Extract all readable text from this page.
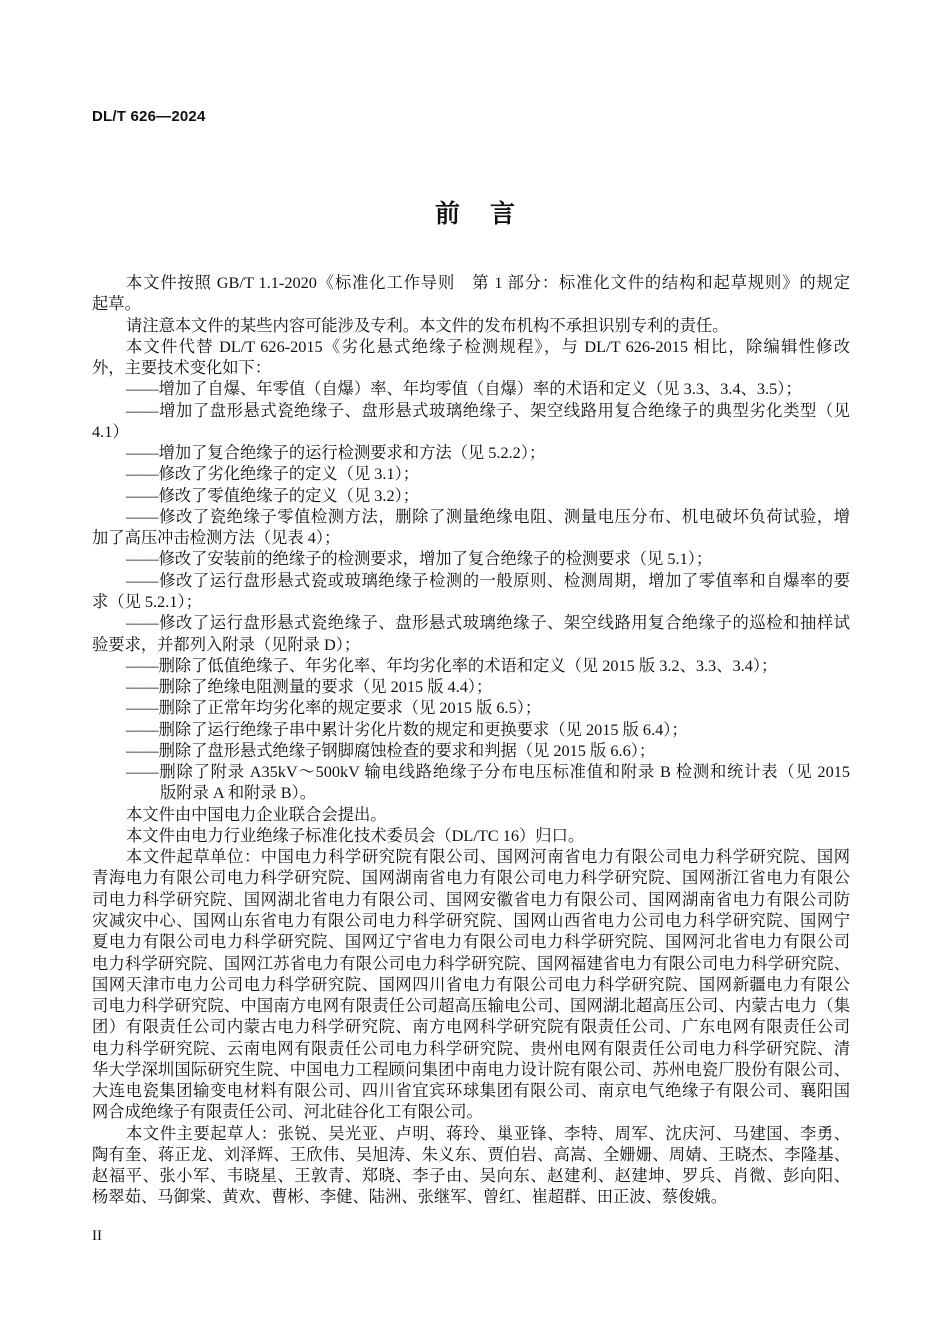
DL/T 626—2024
前言
本文件按照 GB/T 1.1-2020《标准化工作导则　第 1 部分：标准化文件的结构和起草规则》的规定
起草。
请注意本文件的某些内容可能涉及专利。本文件的发布机构不承担识别专利的责任。
本文件代替 DL/T 626-2015《劣化悬式绝缘子检测规程》，与 DL/T 626-2015 相比，除编辑性修改
外，主要技术变化如下：
——增加了自爆、年零值（自爆）率、年均零值（自爆）率的术语和定义（见 3.3、3.4、3.5）；
——增加了盘形悬式瓷绝缘子、盘形悬式玻璃绝缘子、架空线路用复合绝缘子的典型劣化类型（见
4.1）
——增加了复合绝缘子的运行检测要求和方法（见 5.2.2）；
——修改了劣化绝缘子的定义（见 3.1）；
——修改了零值绝缘子的定义（见 3.2）；
——修改了瓷绝缘子零值检测方法，删除了测量绝缘电阻、测量电压分布、机电破坏负荷试验，增
加了高压冲击检测方法（见表 4）；
——修改了安装前的绝缘子的检测要求，增加了复合绝缘子的检测要求（见 5.1）；
——修改了运行盘形悬式瓷或玻璃绝缘子检测的一般原则、检测周期，增加了零值率和自爆率的要
求（见 5.2.1）；
——修改了运行盘形悬式瓷绝缘子、盘形悬式玻璃绝缘子、架空线路用复合绝缘子的巡检和抽样试
验要求，并都列入附录（见附录 D）；
——删除了低值绝缘子、年劣化率、年均劣化率的术语和定义（见 2015 版 3.2、3.3、3.4）；
——删除了绝缘电阻测量的要求（见 2015 版 4.4）；
——删除了正常年均劣化率的规定要求（见 2015 版 6.5）；
——删除了运行绝缘子串中累计劣化片数的规定和更换要求（见 2015 版 6.4）；
——删除了盘形悬式绝缘子钢脚腐蚀检查的要求和判据（见 2015 版 6.6）；
——删除了附录 A35kV～500kV 输电线路绝缘子分布电压标准值和附录 B 检测和统计表（见 2015
版附录 A 和附录 B）。
本文件由中国电力企业联合会提出。
本文件由电力行业绝缘子标准化技术委员会（DL/TC 16）归口。
本文件起草单位：中国电力科学研究院有限公司、国网河南省电力有限公司电力科学研究院、国网
青海电力有限公司电力科学研究院、国网湖南省电力有限公司电力科学研究院、国网浙江省电力有限公
司电力科学研究院、国网湖北省电力有限公司、国网安徽省电力有限公司、国网湖南省电力有限公司防
灾减灾中心、国网山东省电力有限公司电力科学研究院、国网山西省电力公司电力科学研究院、国网宁
夏电力有限公司电力科学研究院、国网辽宁省电力有限公司电力科学研究院、国网河北省电力有限公司
电力科学研究院、国网江苏省电力有限公司电力科学研究院、国网福建省电力有限公司电力科学研究院、
国网天津市电力公司电力科学研究院、国网四川省电力有限公司电力科学研究院、国网新疆电力有限公
司电力科学研究院、中国南方电网有限责任公司超高压输电公司、国网湖北超高压公司、内蒙古电力（集
团）有限责任公司内蒙古电力科学研究院、南方电网科学研究院有限责任公司、广东电网有限责任公司
电力科学研究院、云南电网有限责任公司电力科学研究院、贵州电网有限责任公司电力科学研究院、清
华大学深圳国际研究生院、中国电力工程顾问集团中南电力设计院有限公司、苏州电瓷厂股份有限公司、
大连电瓷集团输变电材料有限公司、四川省宜宾环球集团有限公司、南京电气绝缘子有限公司、襄阳国
网合成绝缘子有限责任公司、河北硅谷化工有限公司。
本文件主要起草人：张锐、吴光亚、卢明、蒋玲、巢亚锋、李特、周军、沈庆河、马建国、李勇、
陶有奎、蒋正龙、刘泽辉、王欣伟、吴旭涛、朱义东、贾伯岩、高嵩、全姗姗、周婧、王晓杰、李隆基、
赵福平、张小军、韦晓星、王敦青、郑晓、李子由、吴向东、赵建利、赵建坤、罗兵、肖微、彭向阳、
杨翠茹、马御棠、黄欢、曹彬、李健、陆洲、张继军、曾红、崔超群、田正波、蔡俊娥。
II
